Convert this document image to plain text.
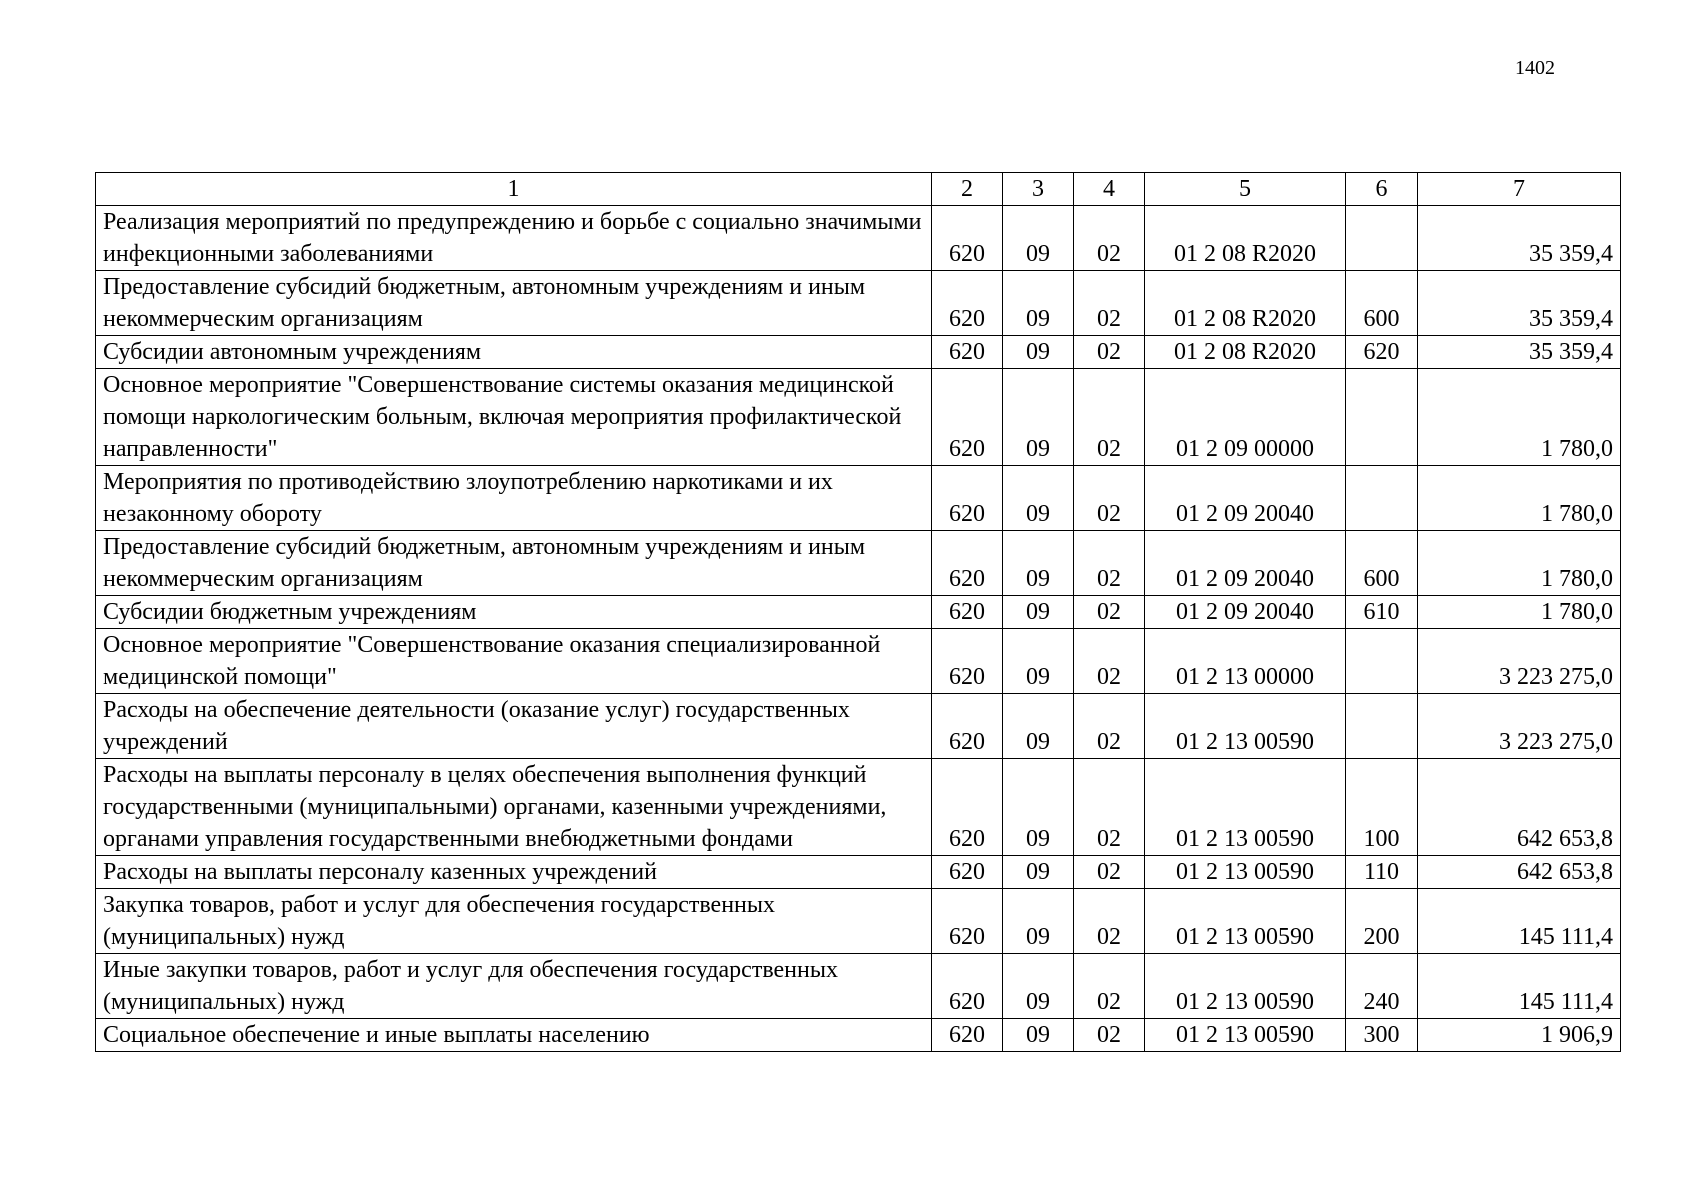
1402
1	2	3	4	5	6	7
Реализация мероприятий по предупреждению и борьбе с социально значимыми инфекционными заболеваниями	620	09	02	01 2 08 R2020		35 359,4
Предоставление субсидий бюджетным, автономным учреждениям и иным некоммерческим организациям	620	09	02	01 2 08 R2020	600	35 359,4
Субсидии автономным учреждениям	620	09	02	01 2 08 R2020	620	35 359,4
Основное мероприятие "Совершенствование системы оказания медицинской помощи наркологическим больным, включая мероприятия профилактической направленности"	620	09	02	01 2 09 00000		1 780,0
Мероприятия по противодействию злоупотреблению наркотиками и их незаконному обороту	620	09	02	01 2 09 20040		1 780,0
Предоставление субсидий бюджетным, автономным учреждениям и иным некоммерческим организациям	620	09	02	01 2 09 20040	600	1 780,0
Субсидии бюджетным учреждениям	620	09	02	01 2 09 20040	610	1 780,0
Основное мероприятие "Совершенствование оказания специализированной медицинской помощи"	620	09	02	01 2 13 00000		3 223 275,0
Расходы на обеспечение деятельности (оказание услуг) государственных учреждений	620	09	02	01 2 13 00590		3 223 275,0
Расходы на выплаты персоналу в целях обеспечения выполнения функций государственными (муниципальными) органами, казенными учреждениями, органами управления государственными внебюджетными фондами	620	09	02	01 2 13 00590	100	642 653,8
Расходы на выплаты персоналу казенных учреждений	620	09	02	01 2 13 00590	110	642 653,8
Закупка товаров, работ и услуг для обеспечения государственных (муниципальных) нужд	620	09	02	01 2 13 00590	200	145 111,4
Иные закупки товаров, работ и услуг для обеспечения государственных (муниципальных) нужд	620	09	02	01 2 13 00590	240	145 111,4
Социальное обеспечение и иные выплаты населению	620	09	02	01 2 13 00590	300	1 906,9
